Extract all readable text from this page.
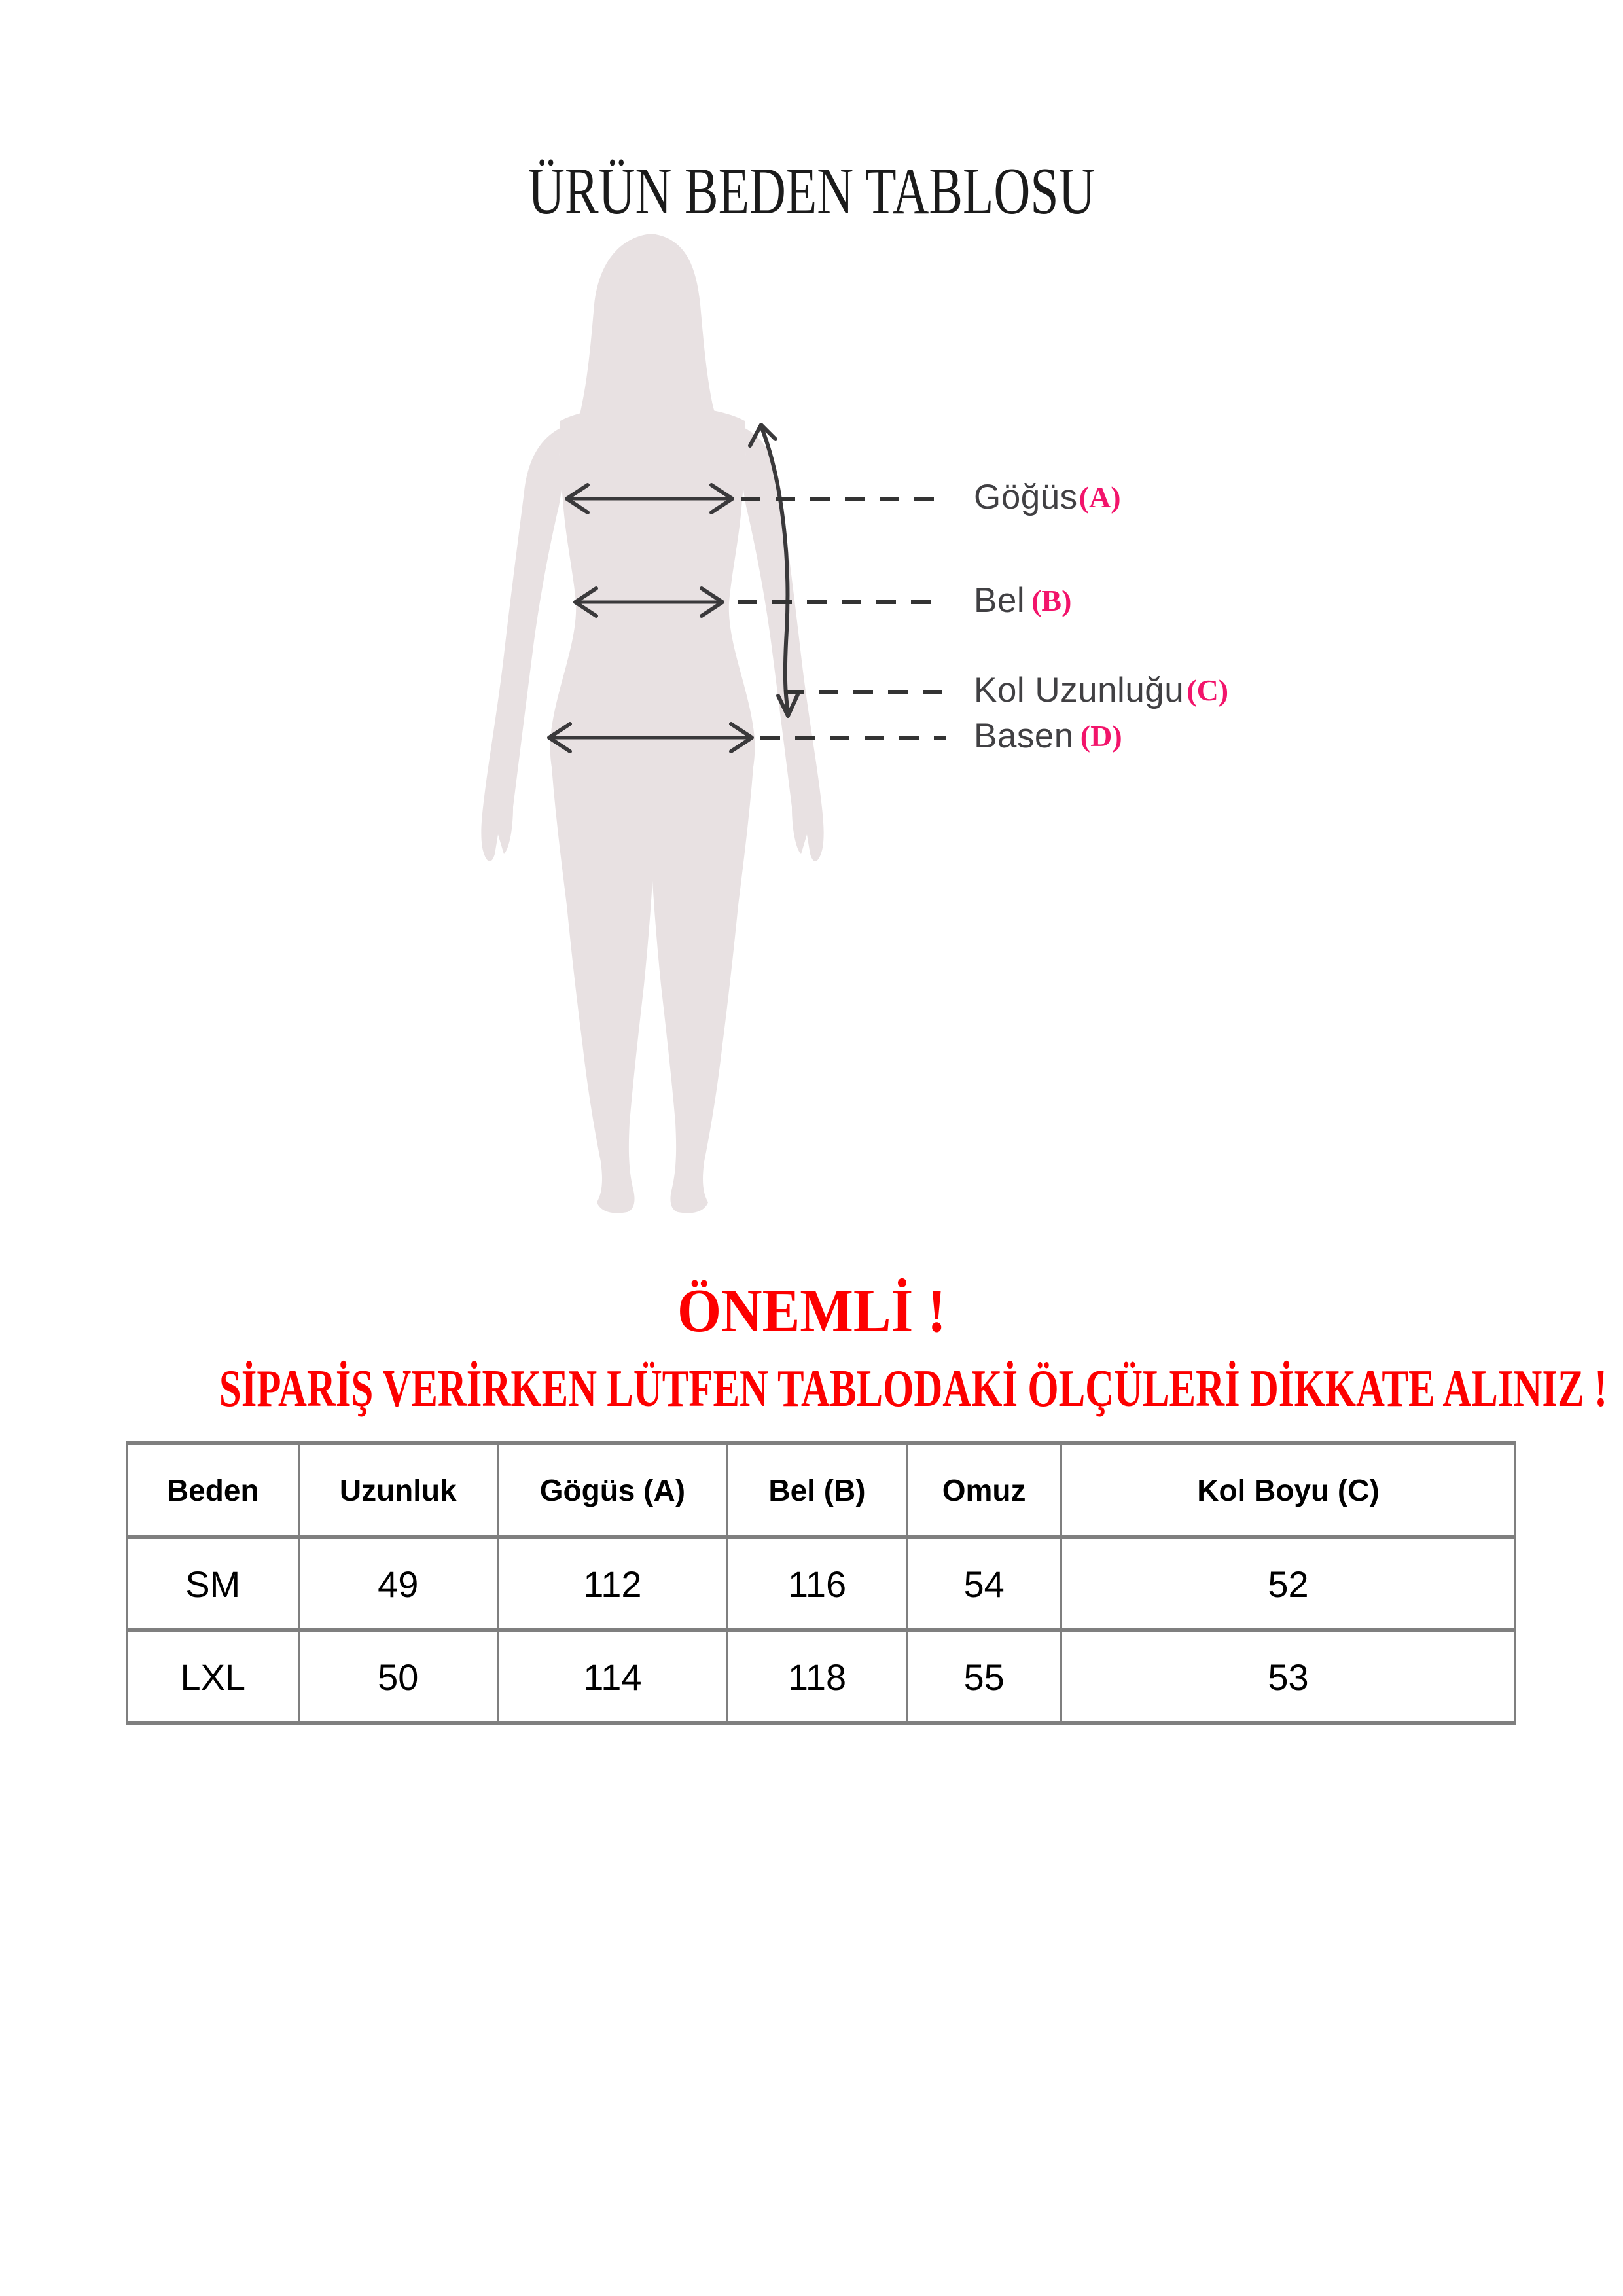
ÜRÜN BEDEN TABLOSU
Göğüs(A)
Bel (B)
Kol Uzunluğu(C)
Basen (D)
ÖNEMLİ !
SİPARİŞ VERİRKEN LÜTFEN TABLODAKİ ÖLÇÜLERİ DİKKATE ALINIZ !
Beden	Uzunluk	Gögüs (A)	Bel (B)	Omuz	Kol Boyu (C)
SM	49	112	116	54	52
LXL	50	114	118	55	53
